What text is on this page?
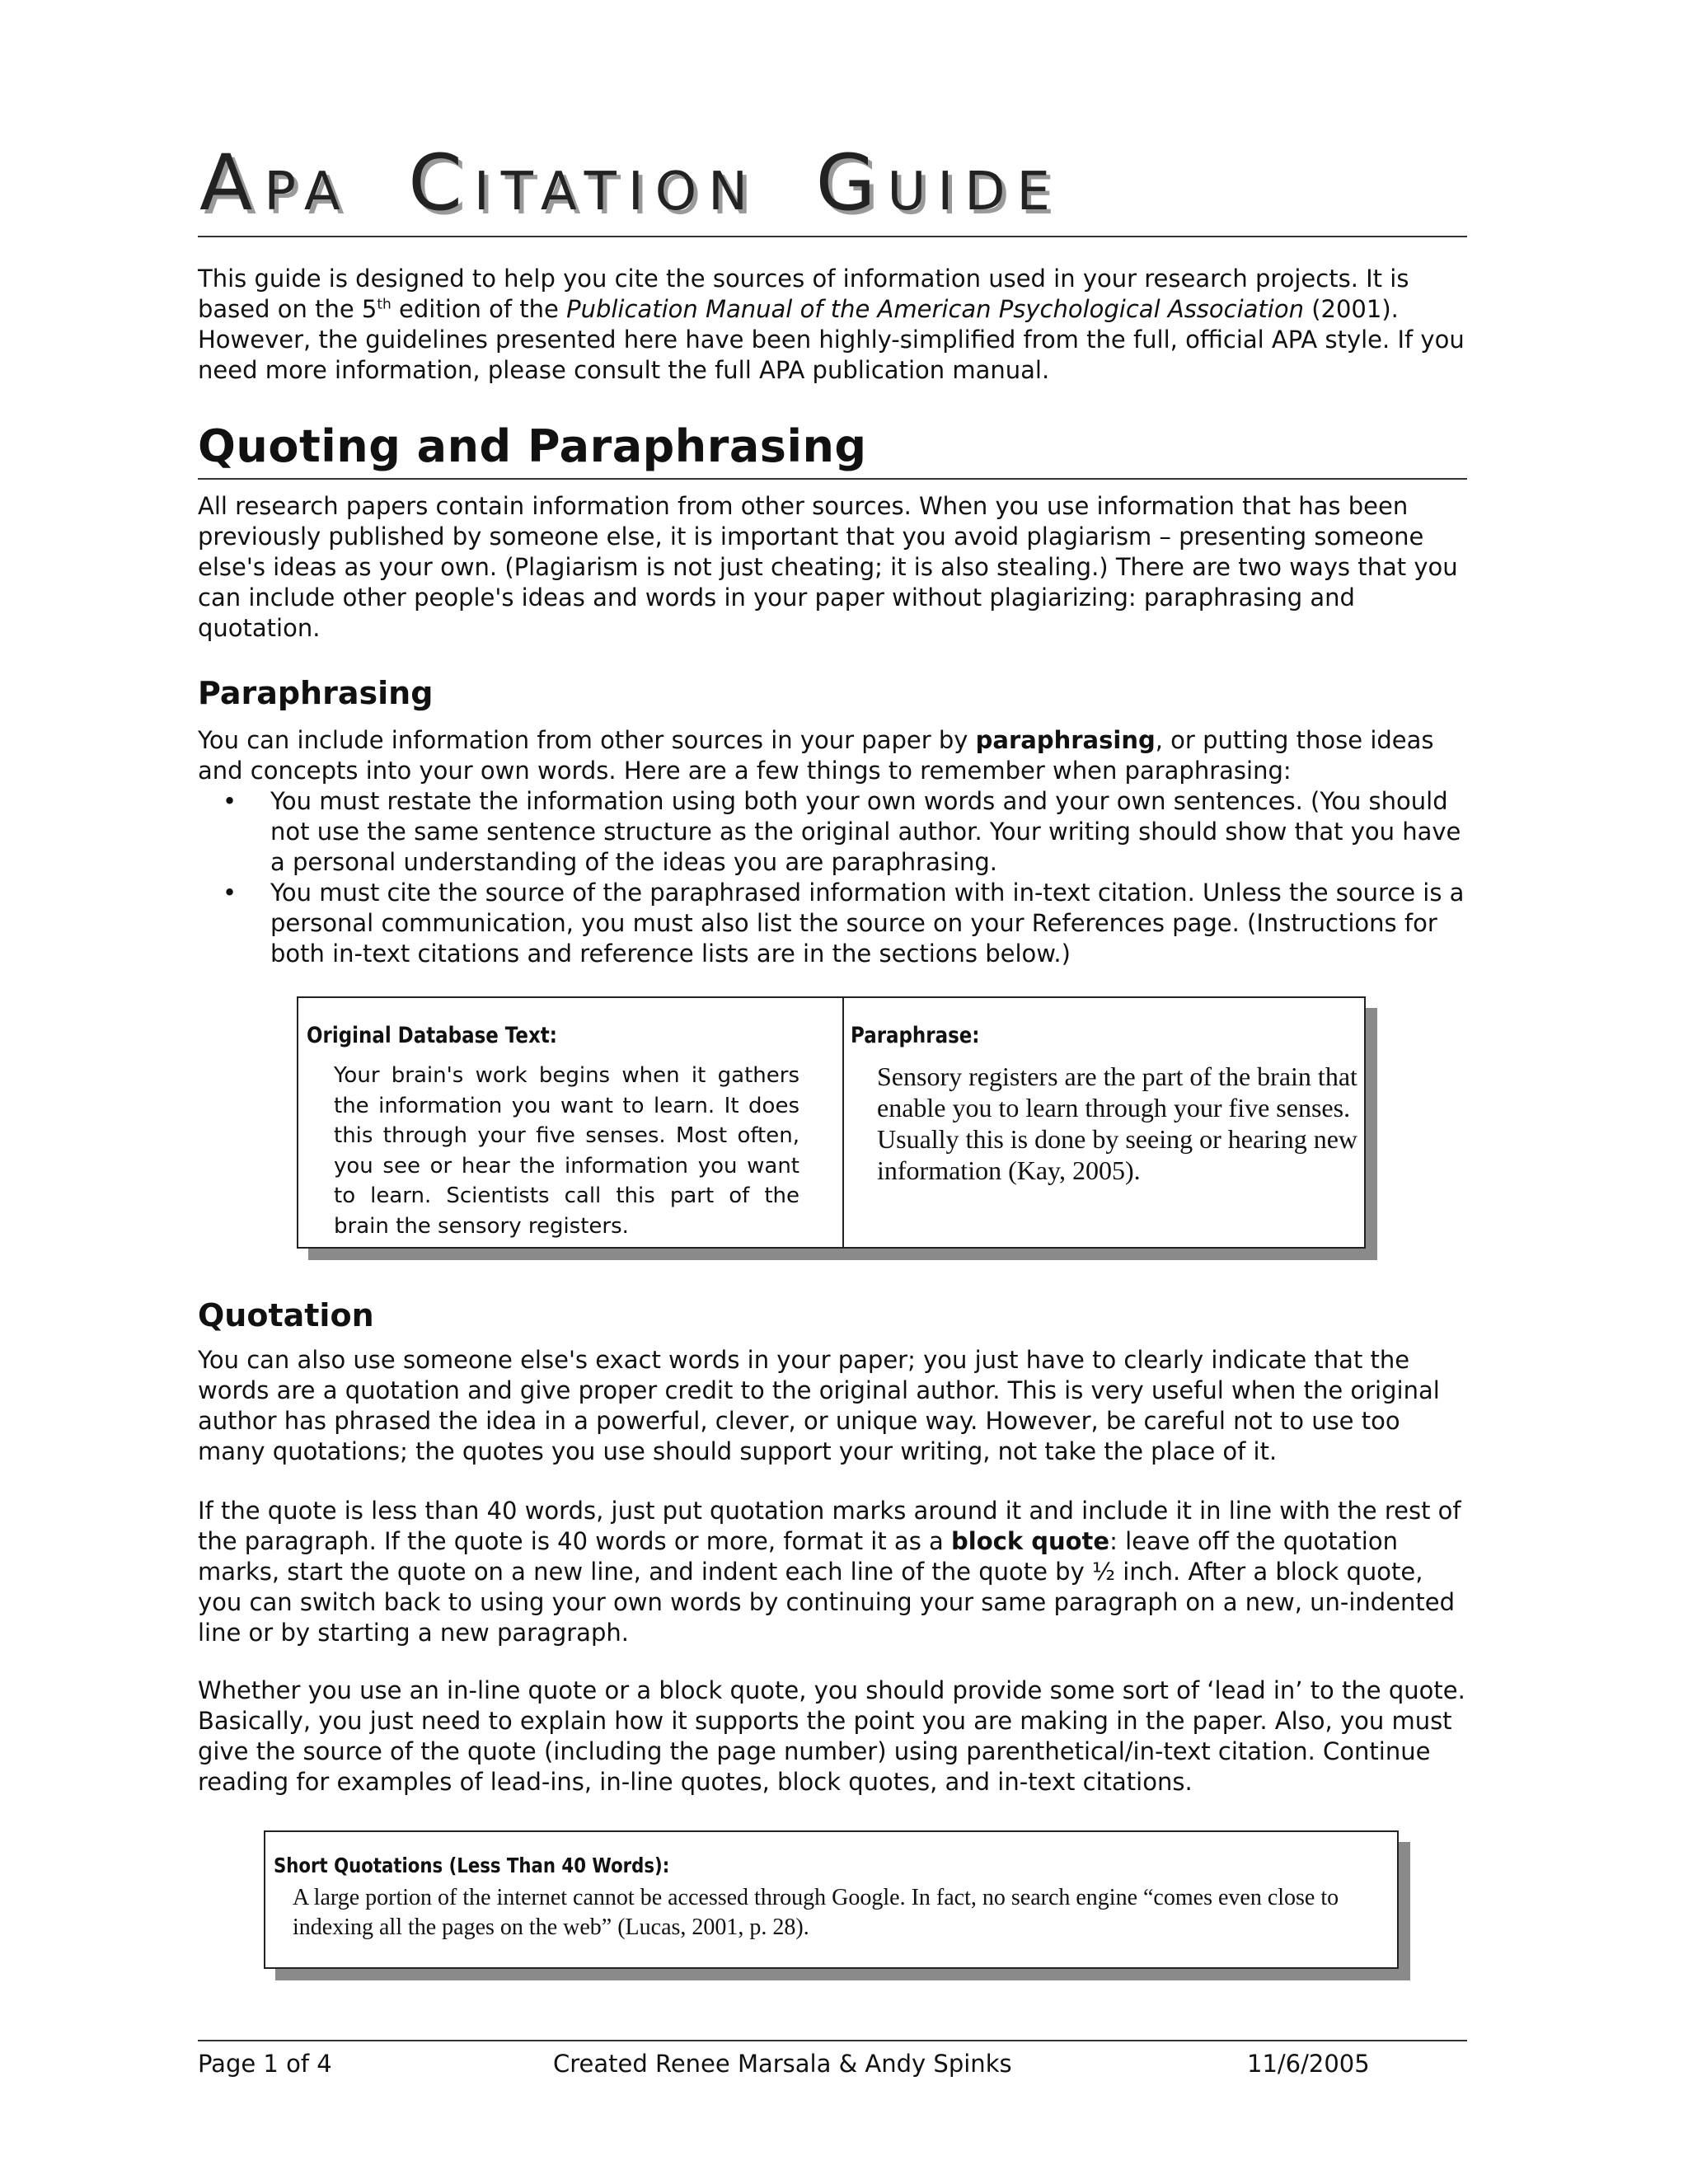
APA CITATION GUIDE

This guide is designed to help you cite the sources of information used in your research projects. It is based on the 5th edition of the Publication Manual of the American Psychological Association (2001). However, the guidelines presented here have been highly-simplified from the full, official APA style. If you need more information, please consult the full APA publication manual.

Quoting and Paraphrasing

All research papers contain information from other sources. When you use information that has been previously published by someone else, it is important that you avoid plagiarism – presenting someone else's ideas as your own. (Plagiarism is not just cheating; it is also stealing.) There are two ways that you can include other people's ideas and words in your paper without plagiarizing: paraphrasing and quotation.

Paraphrasing

You can include information from other sources in your paper by paraphrasing, or putting those ideas and concepts into your own words. Here are a few things to remember when paraphrasing:

• You must restate the information using both your own words and your own sentences. (You should not use the same sentence structure as the original author. Your writing should show that you have a personal understanding of the ideas you are paraphrasing.
• You must cite the source of the paraphrased information with in-text citation. Unless the source is a personal communication, you must also list the source on your References page. (Instructions for both in-text citations and reference lists are in the sections below.)

Original Database Text:

Your brain's work begins when it gathers the information you want to learn. It does this through your five senses. Most often, you see or hear the information you want to learn. Scientists call this part of the brain the sensory registers.

Paraphrase:

Sensory registers are the part of the brain that enable you to learn through your five senses. Usually this is done by seeing or hearing new information (Kay, 2005).

Quotation

You can also use someone else's exact words in your paper; you just have to clearly indicate that the words are a quotation and give proper credit to the original author. This is very useful when the original author has phrased the idea in a powerful, clever, or unique way. However, be careful not to use too many quotations; the quotes you use should support your writing, not take the place of it.

If the quote is less than 40 words, just put quotation marks around it and include it in line with the rest of the paragraph. If the quote is 40 words or more, format it as a block quote: leave off the quotation marks, start the quote on a new line, and indent each line of the quote by ½ inch. After a block quote, you can switch back to using your own words by continuing your same paragraph on a new, un-indented line or by starting a new paragraph.

Whether you use an in-line quote or a block quote, you should provide some sort of ‘lead in’ to the quote. Basically, you just need to explain how it supports the point you are making in the paper. Also, you must give the source of the quote (including the page number) using parenthetical/in-text citation. Continue reading for examples of lead-ins, in-line quotes, block quotes, and in-text citations.

Short Quotations (Less Than 40 Words):

A large portion of the internet cannot be accessed through Google. In fact, no search engine “comes even close to indexing all the pages on the web” (Lucas, 2001, p. 28).

Page 1 of 4	Created Renee Marsala & Andy Spinks	11/6/2005
